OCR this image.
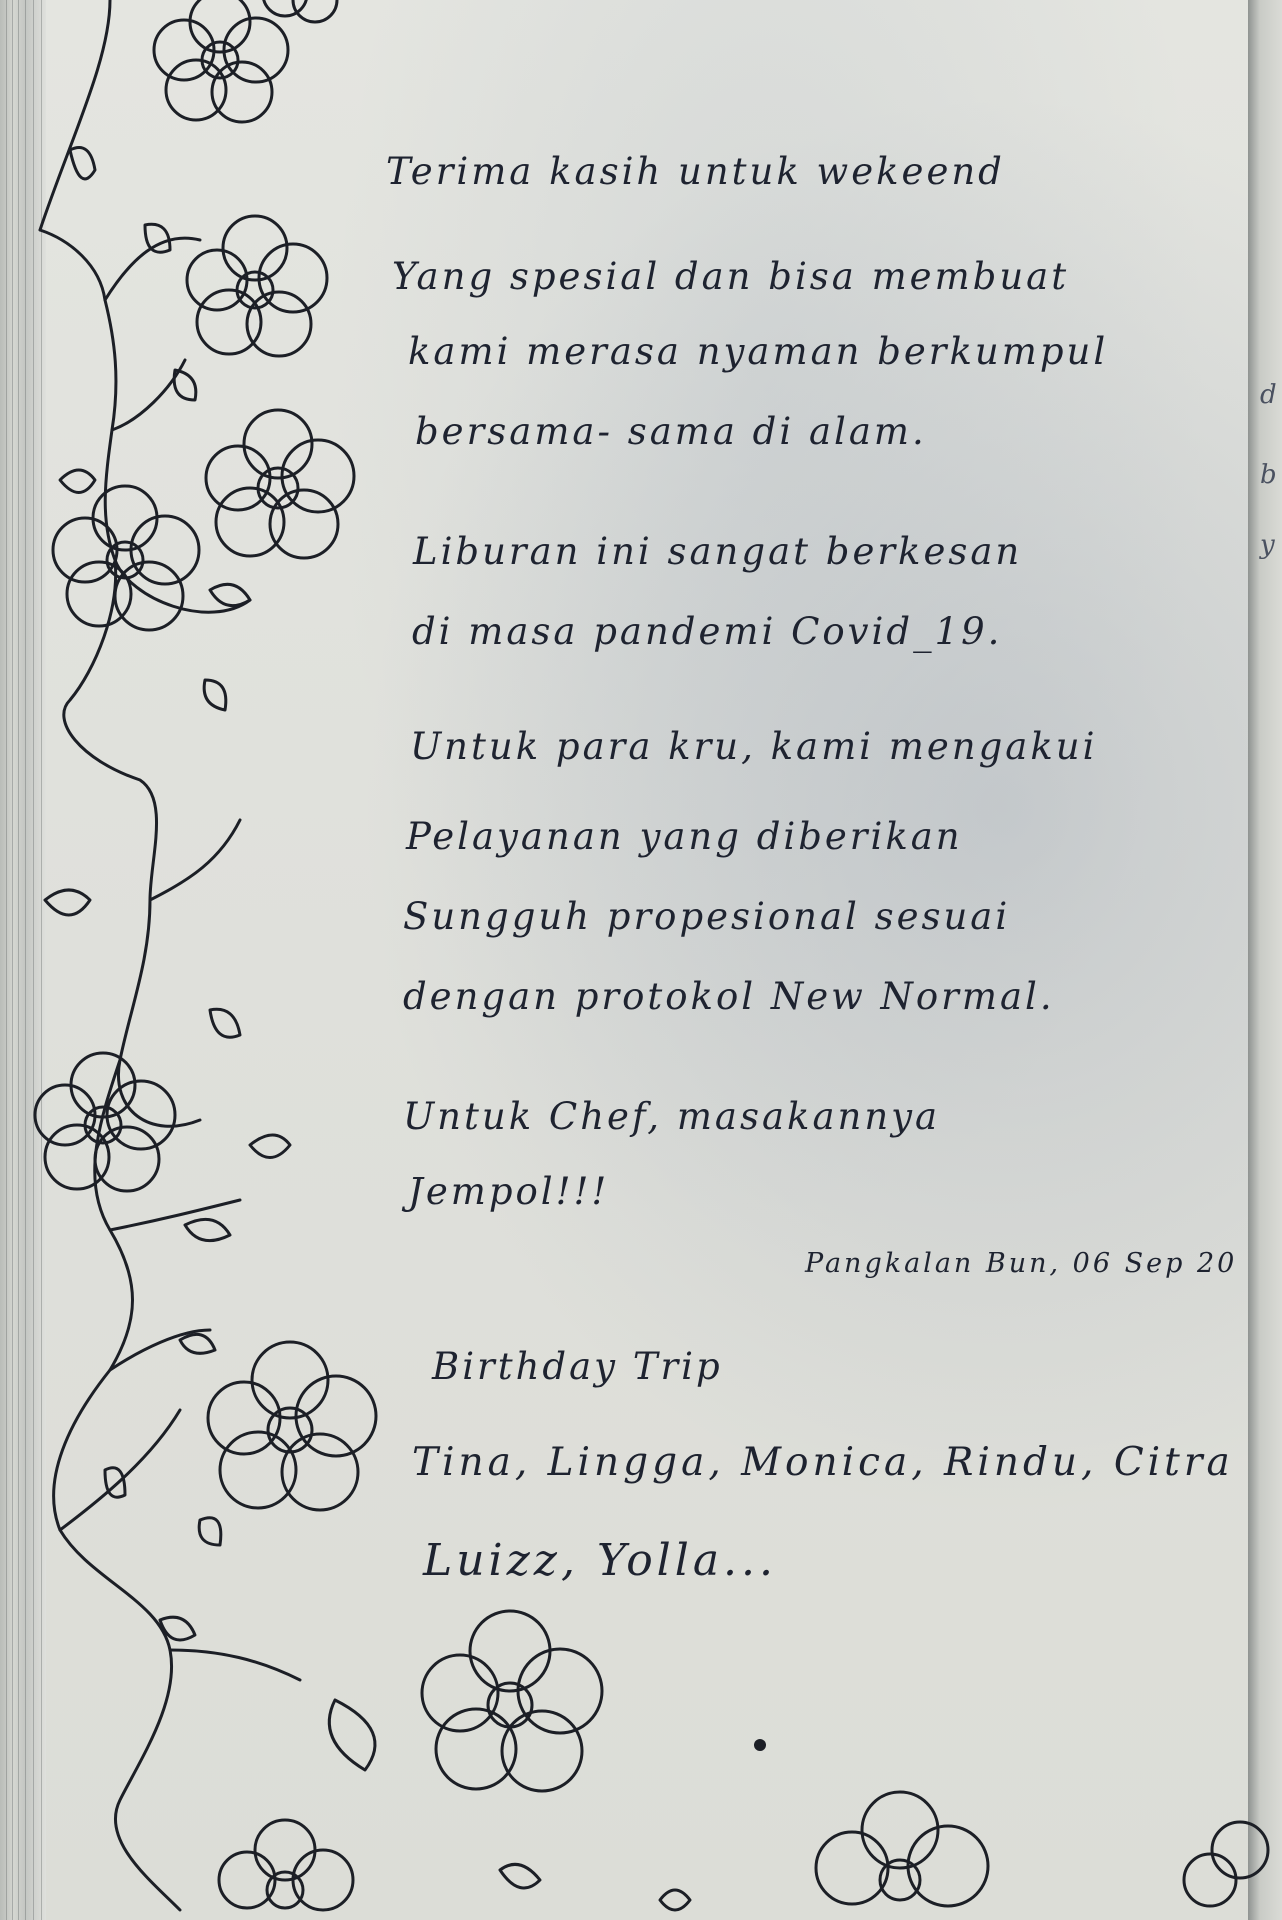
d
b
y
Terima kasih untuk wekeend
Yang spesial dan bisa membuat
kami merasa nyaman berkumpul
bersama- sama di alam.
Liburan ini sangat berkesan
di masa pandemi Covid_19.
Untuk para kru, kami mengakui
Pelayanan yang diberikan
Sungguh propesional sesuai
dengan protokol New Normal.
Untuk Chef, masakannya
Jempol!!!
Pangkalan Bun, 06 Sep 20
Birthday Trip
Tina, Lingga, Monica, Rindu, Citra
Luizz, Yolla...
